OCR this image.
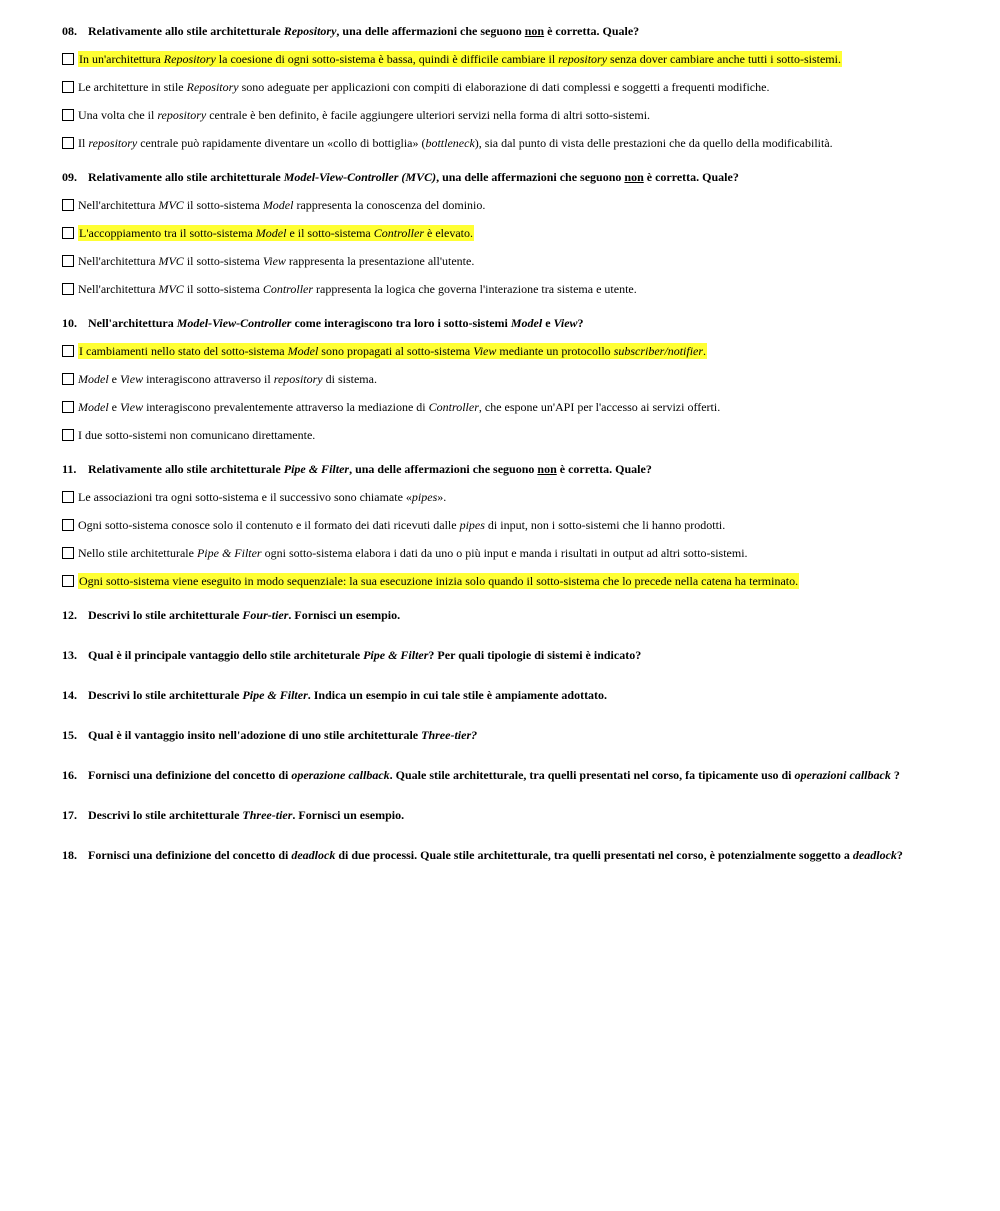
08. Relativamente allo stile architetturale Repository, una delle affermazioni che seguono non è corretta. Quale?

In un'architettura Repository la coesione di ogni sotto-sistema è bassa, quindi è difficile cambiare il repository senza dover cambiare anche tutti i sotto-sistemi.
Le architetture in stile Repository sono adeguate per applicazioni con compiti di elaborazione di dati complessi e soggetti a frequenti modifiche.
Una volta che il repository centrale è ben definito, è facile aggiungere ulteriori servizi nella forma di altri sotto-sistemi.
Il repository centrale può rapidamente diventare un «collo di bottiglia» (bottleneck), sia dal punto di vista delle prestazioni che da quello della modificabilità.

09. Relativamente allo stile architetturale Model-View-Controller (MVC), una delle affermazioni che seguono non è corretta. Quale?

Nell'architettura MVC il sotto-sistema Model rappresenta la conoscenza del dominio.
L'accoppiamento tra il sotto-sistema Model e il sotto-sistema Controller è elevato.
Nell'architettura MVC il sotto-sistema View rappresenta la presentazione all'utente.
Nell'architettura MVC il sotto-sistema Controller rappresenta la logica che governa l'interazione tra sistema e utente.

10. Nell'architettura Model-View-Controller come interagiscono tra loro i sotto-sistemi Model e View?

I cambiamenti nello stato del sotto-sistema Model sono propagati al sotto-sistema View mediante un protocollo subscriber/notifier.
Model e View interagiscono attraverso il repository di sistema.
Model e View interagiscono prevalentemente attraverso la mediazione di Controller, che espone un'API per l'accesso ai servizi offerti.
I due sotto-sistemi non comunicano direttamente.

11. Relativamente allo stile architetturale Pipe & Filter, una delle affermazioni che seguono non è corretta. Quale?

Le associazioni tra ogni sotto-sistema e il successivo sono chiamate «pipes».
Ogni sotto-sistema conosce solo il contenuto e il formato dei dati ricevuti dalle pipes di input, non i sotto-sistemi che li hanno prodotti.
Nello stile architetturale Pipe & Filter ogni sotto-sistema elabora i dati da uno o più input e manda i risultati in output ad altri sotto-sistemi.
Ogni sotto-sistema viene eseguito in modo sequenziale: la sua esecuzione inizia solo quando il sotto-sistema che lo precede nella catena ha terminato.

12. Descrivi lo stile architetturale Four-tier. Fornisci un esempio.

13. Qual è il principale vantaggio dello stile architeturale Pipe & Filter? Per quali tipologie di sistemi è indicato?

14. Descrivi lo stile architetturale Pipe & Filter. Indica un esempio in cui tale stile è ampiamente adottato.

15. Qual è il vantaggio insito nell'adozione di uno stile architetturale Three-tier?

16. Fornisci una definizione del concetto di operazione callback. Quale stile architetturale, tra quelli presentati nel corso, fa tipicamente uso di operazioni callback ?

17. Descrivi lo stile architetturale Three-tier. Fornisci un esempio.

18. Fornisci una definizione del concetto di deadlock di due processi. Quale stile architetturale, tra quelli presentati nel corso, è potenzialmente soggetto a deadlock?
